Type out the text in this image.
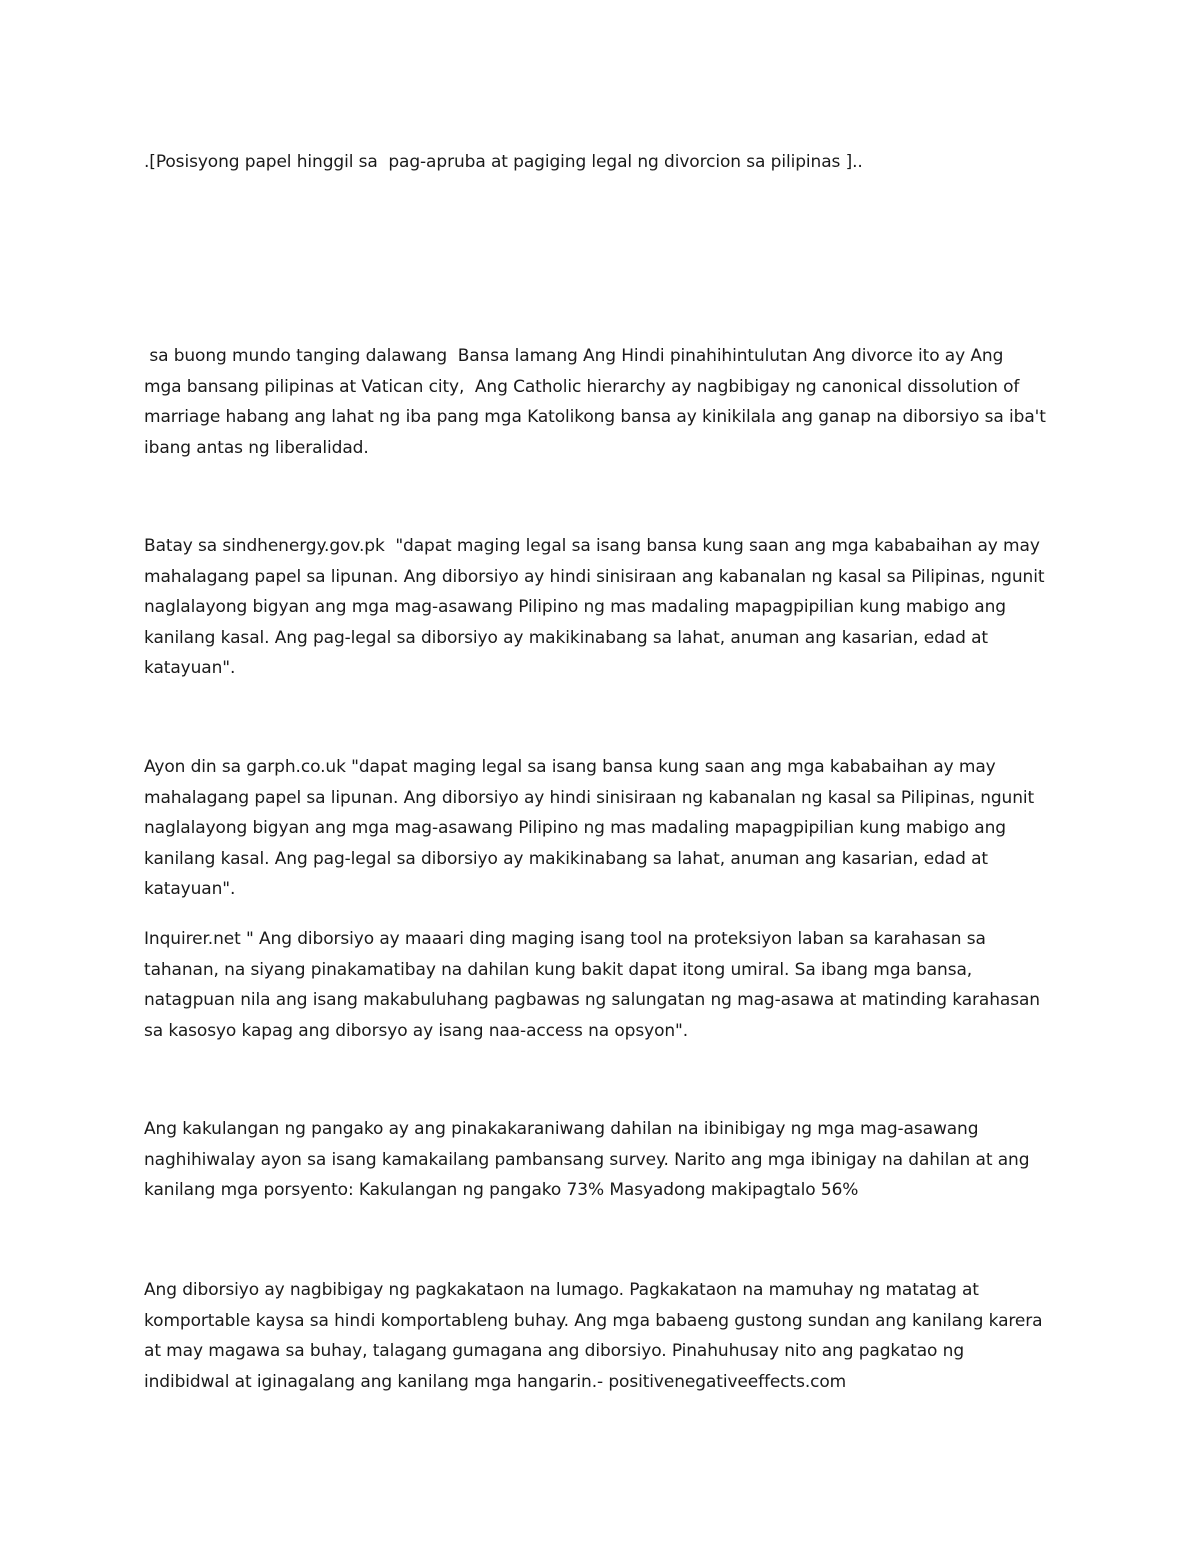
.[Posisyong papel hinggil sa  pag-apruba at pagiging legal ng divorcion sa pilipinas ]..

sa buong mundo tanging dalawang  Bansa lamang Ang Hindi pinahihintulutan Ang divorce ito ay Ang
mga bansang pilipinas at Vatican city,  Ang Catholic hierarchy ay nagbibigay ng canonical dissolution of
marriage habang ang lahat ng iba pang mga Katolikong bansa ay kinikilala ang ganap na diborsiyo sa iba't
ibang antas ng liberalidad.

Batay sa sindhenergy.gov.pk  "dapat maging legal sa isang bansa kung saan ang mga kababaihan ay may
mahalagang papel sa lipunan. Ang diborsiyo ay hindi sinisiraan ang kabanalan ng kasal sa Pilipinas, ngunit
naglalayong bigyan ang mga mag-asawang Pilipino ng mas madaling mapagpipilian kung mabigo ang
kanilang kasal. Ang pag-legal sa diborsiyo ay makikinabang sa lahat, anuman ang kasarian, edad at
katayuan".

Ayon din sa garph.co.uk "dapat maging legal sa isang bansa kung saan ang mga kababaihan ay may
mahalagang papel sa lipunan. Ang diborsiyo ay hindi sinisiraan ng kabanalan ng kasal sa Pilipinas, ngunit
naglalayong bigyan ang mga mag-asawang Pilipino ng mas madaling mapagpipilian kung mabigo ang
kanilang kasal. Ang pag-legal sa diborsiyo ay makikinabang sa lahat, anuman ang kasarian, edad at
katayuan".

Inquirer.net " Ang diborsiyo ay maaari ding maging isang tool na proteksiyon laban sa karahasan sa
tahanan, na siyang pinakamatibay na dahilan kung bakit dapat itong umiral. Sa ibang mga bansa,
natagpuan nila ang isang makabuluhang pagbawas ng salungatan ng mag-asawa at matinding karahasan
sa kasosyo kapag ang diborsyo ay isang naa-access na opsyon".

Ang kakulangan ng pangako ay ang pinakakaraniwang dahilan na ibinibigay ng mga mag-asawang
naghihiwalay ayon sa isang kamakailang pambansang survey. Narito ang mga ibinigay na dahilan at ang
kanilang mga porsyento: Kakulangan ng pangako 73% Masyadong makipagtalo 56%

Ang diborsiyo ay nagbibigay ng pagkakataon na lumago. Pagkakataon na mamuhay ng matatag at
komportable kaysa sa hindi komportableng buhay. Ang mga babaeng gustong sundan ang kanilang karera
at may magawa sa buhay, talagang gumagana ang diborsiyo. Pinahuhusay nito ang pagkatao ng
indibidwal at iginagalang ang kanilang mga hangarin.- positivenegativeeffects.com
